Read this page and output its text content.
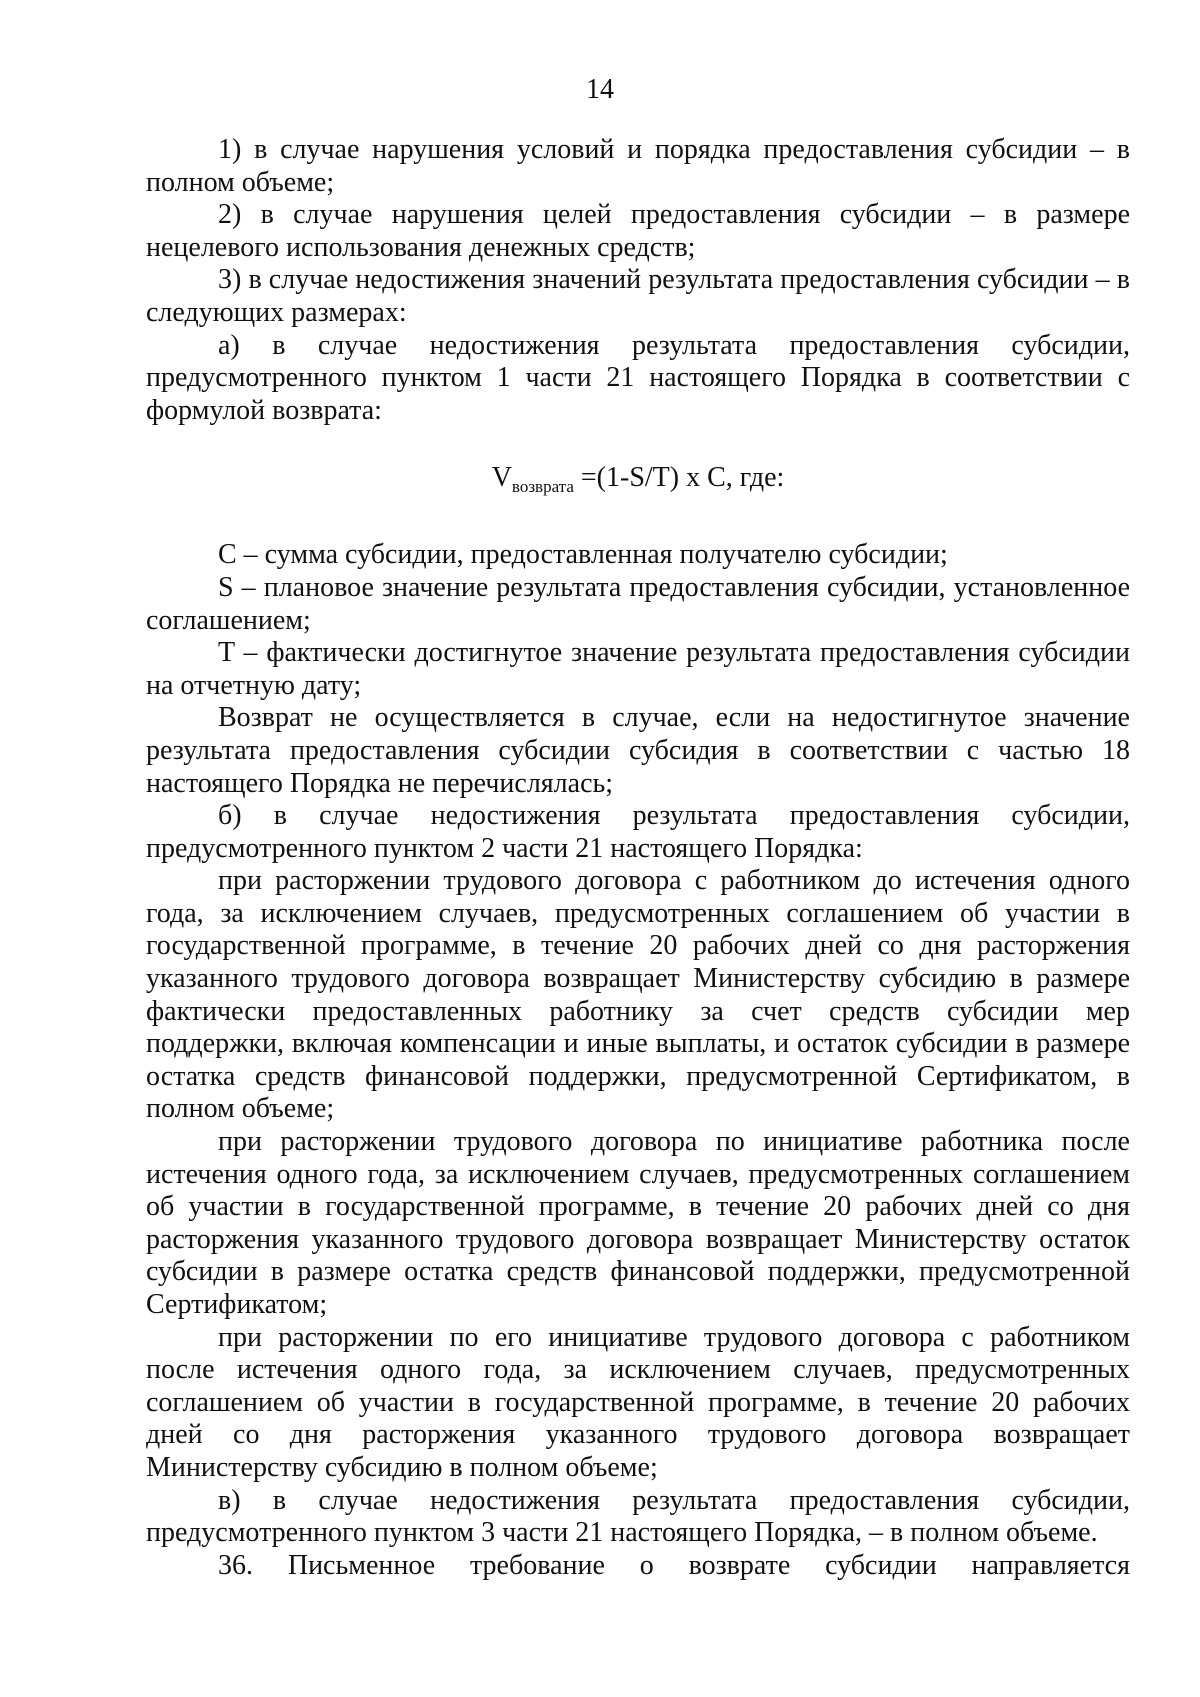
14

1) в случае нарушения условий и порядка предоставления субсидии – в полном объеме;

2) в случае нарушения целей предоставления субсидии – в размере нецелевого использования денежных средств;

3) в случае недостижения значений результата предоставления субсидии – в следующих размерах:

а) в случае недостижения результата предоставления субсидии, предусмотренного пунктом 1 части 21 настоящего Порядка в соответствии с формулой возврата:

$V_{возврата} =(1-S/T)$ x C, где:

C – сумма субсидии, предоставленная получателю субсидии;

S – плановое значение результата предоставления субсидии, установленное соглашением;

T – фактически достигнутое значение результата предоставления субсидии на отчетную дату;

Возврат не осуществляется в случае, если на недостигнутое значение результата предоставления субсидии субсидия в соответствии с частью 18 настоящего Порядка не перечислялась;

б) в случае недостижения результата предоставления субсидии, предусмотренного пунктом 2 части 21 настоящего Порядка:

при расторжении трудового договора с работником до истечения одного года, за исключением случаев, предусмотренных соглашением об участии в государственной программе, в течение 20 рабочих дней со дня расторжения указанного трудового договора возвращает Министерству субсидию в размере фактически предоставленных работнику за счет средств субсидии мер поддержки, включая компенсации и иные выплаты, и остаток субсидии в размере остатка средств финансовой поддержки, предусмотренной Сертификатом, в полном объеме;

при расторжении трудового договора по инициативе работника после истечения одного года, за исключением случаев, предусмотренных соглашением об участии в государственной программе, в течение 20 рабочих дней со дня расторжения указанного трудового договора возвращает Министерству остаток субсидии в размере остатка средств финансовой поддержки, предусмотренной Сертификатом;

при расторжении по его инициативе трудового договора с работником после истечения одного года, за исключением случаев, предусмотренных соглашением об участии в государственной программе, в течение 20 рабочих дней со дня расторжения указанного трудового договора возвращает Министерству субсидию в полном объеме;

в) в случае недостижения результата предоставления субсидии, предусмотренного пунктом 3 части 21 настоящего Порядка, – в полном объеме.

36. Письменное требование о возврате субсидии направляется
